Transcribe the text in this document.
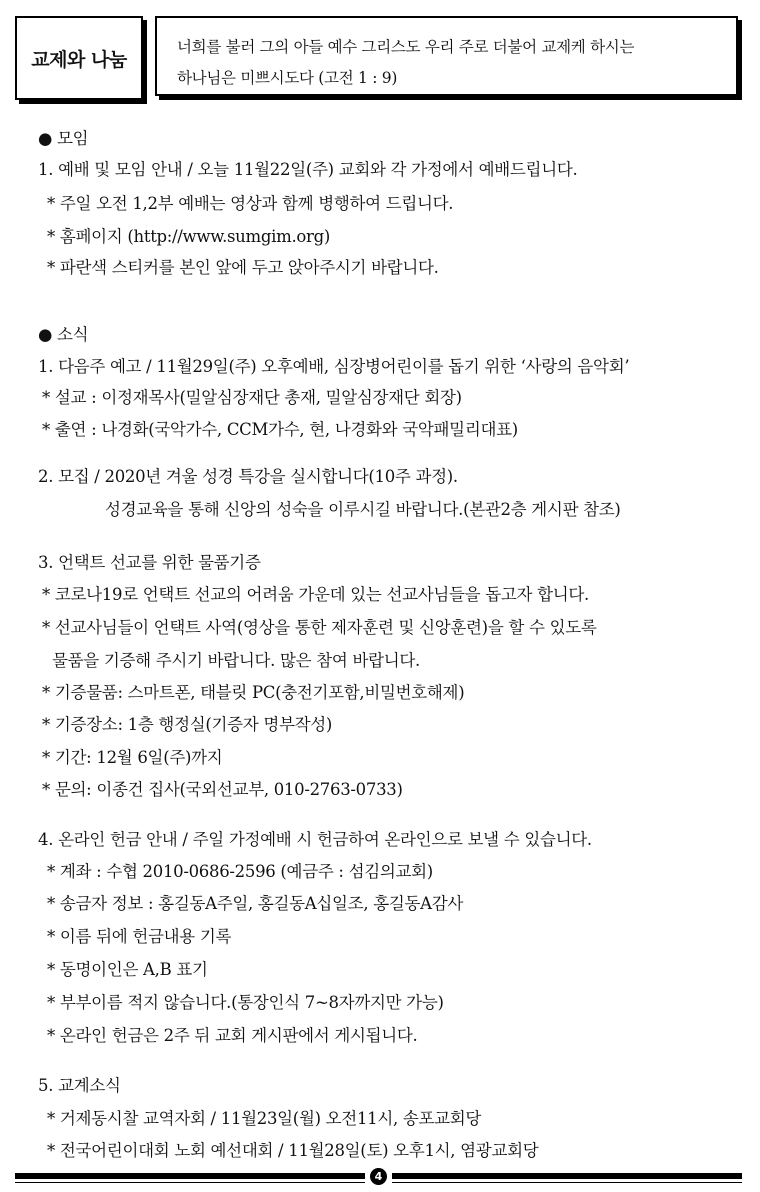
교제와 나눔
너희를 불러 그의 아들 예수 그리스도 우리 주로 더불어 교제케 하시는
하나님은 미쁘시도다 (고전 1 : 9)
● 모임
1. 예배 및 모임 안내 / 오늘 11월22일(주) 교회와 각 가정에서 예배드립니다.
* 주일 오전 1,2부 예배는 영상과 함께 병행하여 드립니다.
* 홈페이지 (http://www.sumgim.org)
* 파란색 스티커를 본인 앞에 두고 앉아주시기 바랍니다.
● 소식
1. 다음주 예고 / 11월29일(주) 오후예배, 심장병어린이를 돕기 위한 ‘사랑의 음악회’
* 설교 : 이정재목사(밀알심장재단 총재, 밀알심장재단 회장)
* 출연 : 나경화(국악가수, CCM가수, 현, 나경화와 국악패밀리대표)
2. 모집 / 2020년 겨울 성경 특강을 실시합니다(10주 과정).
성경교육을 통해 신앙의 성숙을 이루시길 바랍니다.(본관2층 게시판 참조)
3. 언택트 선교를 위한 물품기증
* 코로나19로 언택트 선교의 어려움 가운데 있는 선교사님들을 돕고자 합니다.
* 선교사님들이 언택트 사역(영상을 통한 제자훈련 및 신앙훈련)을 할 수 있도록
물품을 기증해 주시기 바랍니다. 많은 참여 바랍니다.
* 기증물품: 스마트폰, 태블릿 PC(충전기포함,비밀번호해제)
* 기증장소: 1층 행정실(기증자 명부작성)
* 기간: 12월 6일(주)까지
* 문의: 이종건 집사(국외선교부, 010-2763-0733)
4. 온라인 헌금 안내 / 주일 가정예배 시 헌금하여 온라인으로 보낼 수 있습니다.
* 계좌 : 수협 2010-0686-2596 (예금주 : 섬김의교회)
* 송금자 정보 : 홍길동A주일, 홍길동A십일조, 홍길동A감사
* 이름 뒤에 헌금내용 기록
* 동명이인은 A,B 표기
* 부부이름 적지 않습니다.(통장인식 7~8자까지만 가능)
* 온라인 헌금은 2주 뒤 교회 게시판에서 게시됩니다.
5. 교계소식
* 거제동시찰 교역자회 / 11월23일(월) 오전11시, 송포교회당
* 전국어린이대회 노회 예선대회 / 11월28일(토) 오후1시, 염광교회당
4
